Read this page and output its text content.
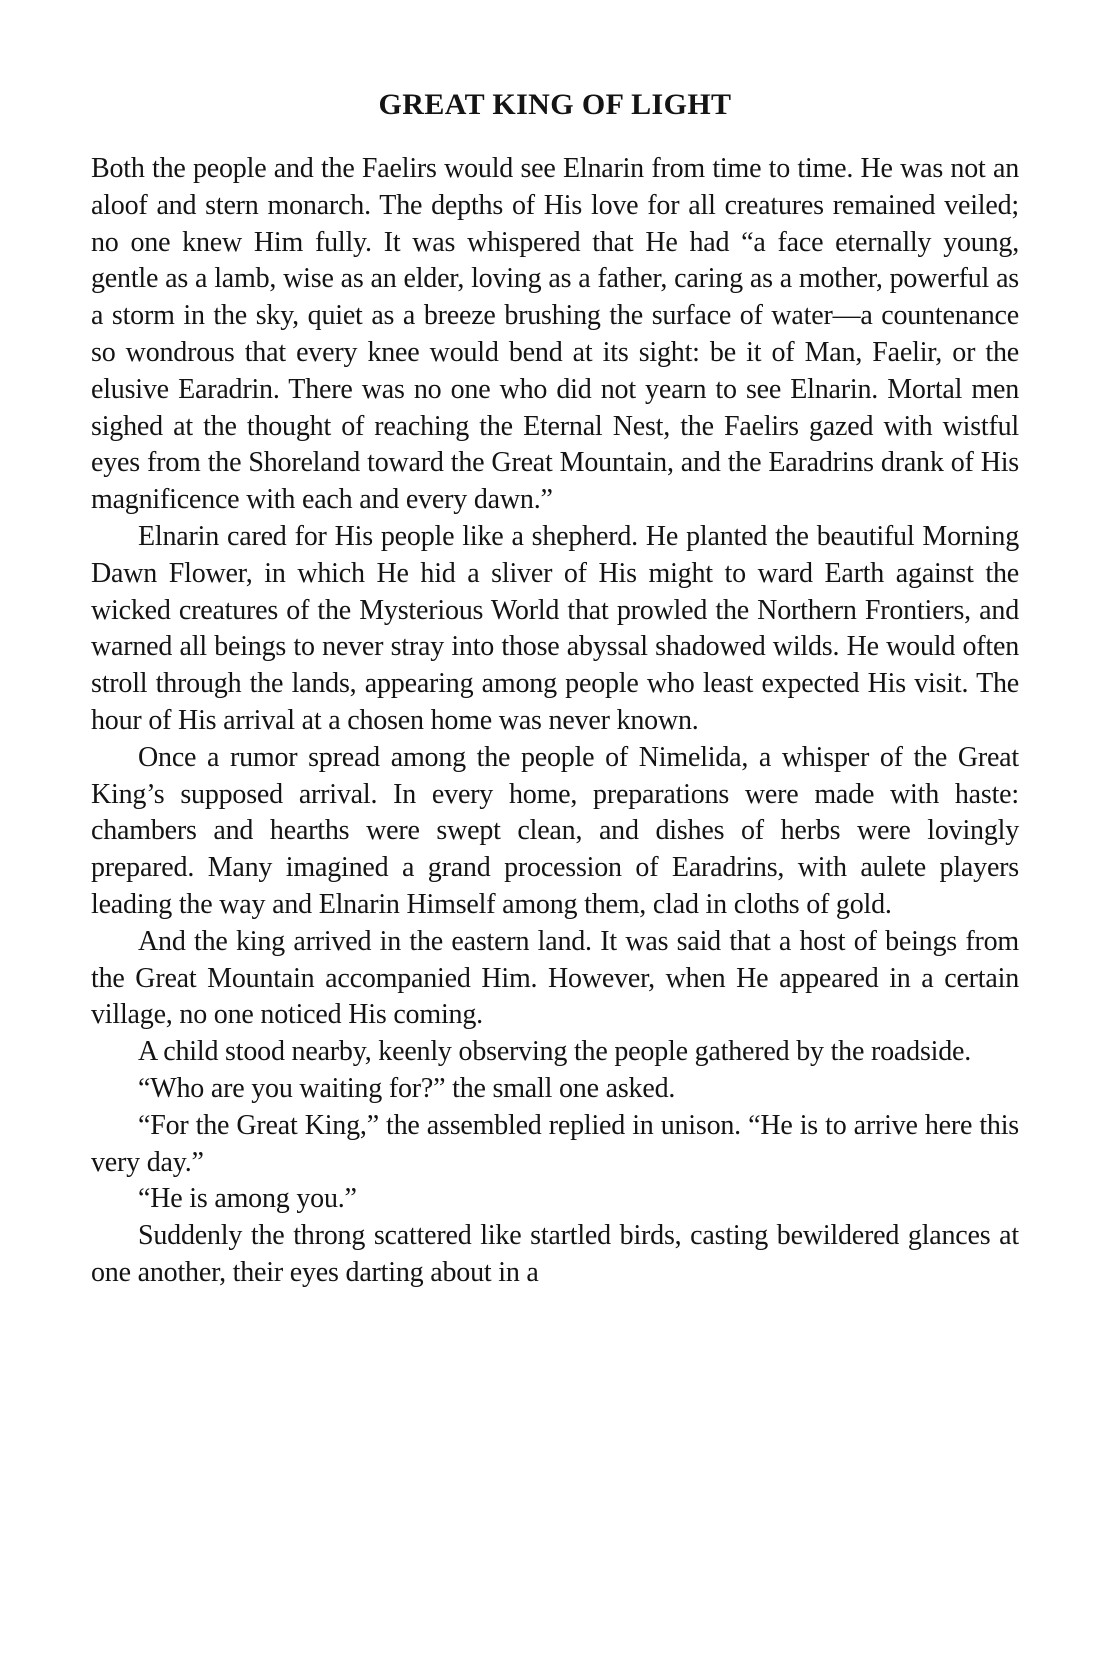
GREAT KING OF LIGHT

Both the people and the Faelirs would see Elnarin from time to time. He was not an aloof and stern monarch. The depths of His love for all creatures remained veiled; no one knew Him fully. It was whispered that He had “a face eternally young, gentle as a lamb, wise as an elder, loving as a father, caring as a mother, powerful as a storm in the sky, quiet as a breeze brushing the surface of water—a countenance so wondrous that every knee would bend at its sight: be it of Man, Faelir, or the elusive Earadrin. There was no one who did not yearn to see Elnarin. Mortal men sighed at the thought of reaching the Eternal Nest, the Faelirs gazed with wistful eyes from the Shoreland toward the Great Mountain, and the Earadrins drank of His magnificence with each and every dawn.”

Elnarin cared for His people like a shepherd. He planted the beautiful Morning Dawn Flower, in which He hid a sliver of His might to ward Earth against the wicked creatures of the Mysterious World that prowled the Northern Frontiers, and warned all beings to never stray into those abyssal shadowed wilds. He would often stroll through the lands, appearing among people who least expected His visit. The hour of His arrival at a chosen home was never known.

Once a rumor spread among the people of Nimelida, a whisper of the Great King’s supposed arrival. In every home, preparations were made with haste: chambers and hearths were swept clean, and dishes of herbs were lovingly prepared. Many imagined a grand procession of Earadrins, with aulete players leading the way and Elnarin Himself among them, clad in cloths of gold.

And the king arrived in the eastern land. It was said that a host of beings from the Great Mountain accompanied Him. However, when He appeared in a certain village, no one noticed His coming.

A child stood nearby, keenly observing the people gathered by the roadside.

“Who are you waiting for?” the small one asked.

“For the Great King,” the assembled replied in unison. “He is to arrive here this very day.”

“He is among you.”

Suddenly the throng scattered like startled birds, casting bewildered glances at one another, their eyes darting about in a
